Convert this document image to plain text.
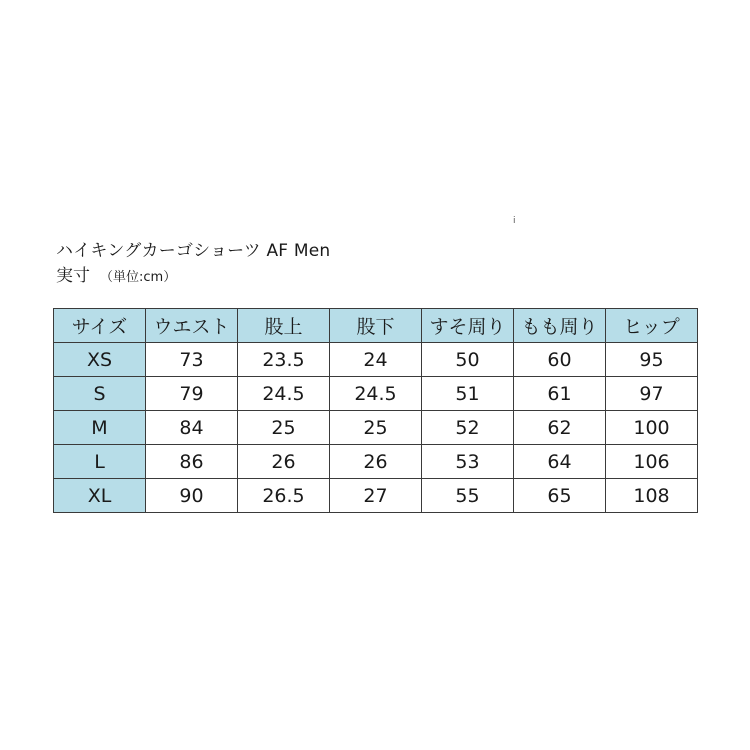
i
ハイキングカーゴショーツ AF Men
実寸 （単位:cm）
サイズ	ウエスト	股上	股下	すそ周り	もも周り	ヒップ
XS	73	23.5	24	50	60	95
S	79	24.5	24.5	51	61	97
M	84	25	25	52	62	100
L	86	26	26	53	64	106
XL	90	26.5	27	55	65	108
